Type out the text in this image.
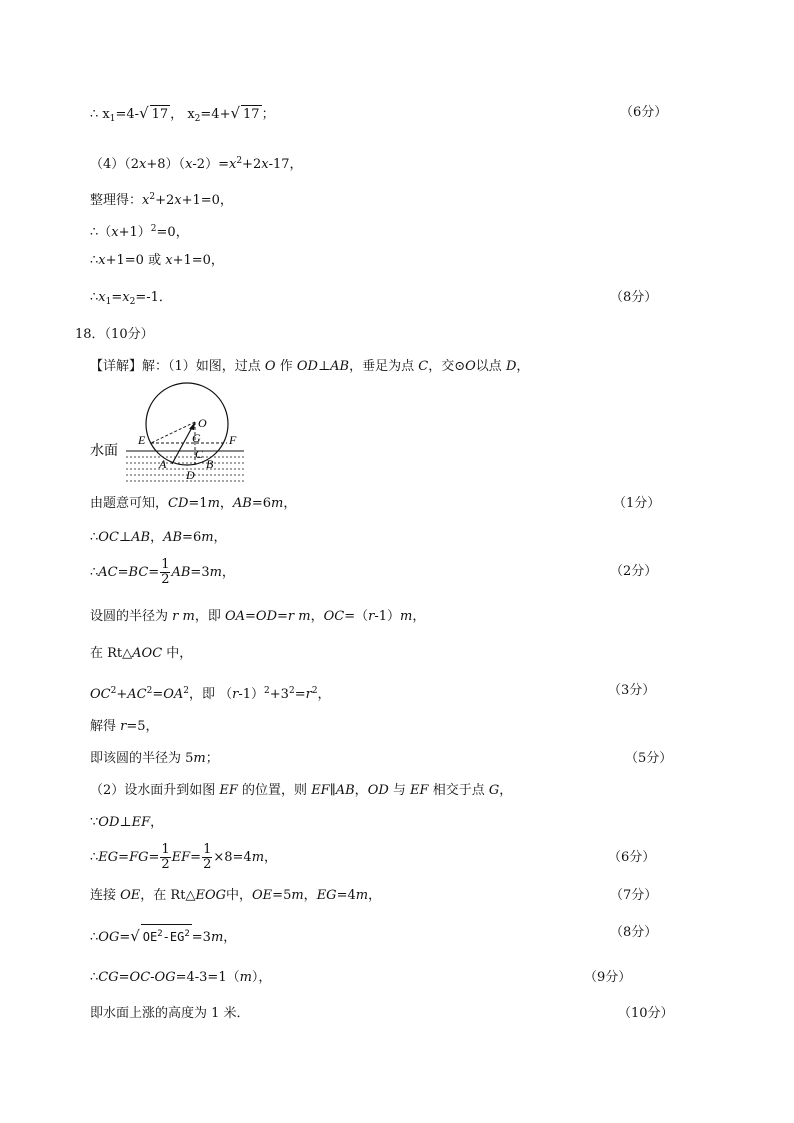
∴ $x_1=4-√$ 17 ， $x_2=4+√$ 17 ；	（6分）
$(4)(2x+8)(x-2)=x^2+2x-17$，
整理得：$x^2+2x+1=0$，
$\therefore(x+1)^2=0$，
∴x+1=0 或 x+1=0，
$\therefore x_1=x_2=-1$．	（8分）
18．（10分）
【详解】解：（1）如图，过点 O 作 OD⊥AB，垂足为点 C，交⊙O以点 D，
水面
O
E	G F
C
A
D
B
由题意可知，CD=1m，AB=6m，	（1分）
∴OC⊥AB，AB=6m，
∴AC=BC= $\frac{1}{2} AB=3m$，	（2分）
设圆的半径为 r m，即 OA=OD=r m，OC=（r-1）m，
在 Rt△AOC 中，
$OC^2+AC^2=OA^2$，即 $(r-1)^2+3^2=r^2$，	（3分）
解得 r=5，
即该圆的半径为 5m；	（5分）
（2）设水面升到如图 EF 的位置，则 EF∥AB，OD 与 EF 相交于点 G，
∵OD⊥EF，
∴EG=FG= $\frac{1}{2} EF= \frac{1}{2} \times 8=4m$，	（6分）
连接 OE，在 Rt△EOG中，OE=5m，EG=4m，	（7分）
∴OG=√ $OE^2-EG^2 =3m$，	（8分）
∴CG=OC-OG=4-3=1（m），	（9分）
即水面上涨的高度为 1 米．	（10分）
